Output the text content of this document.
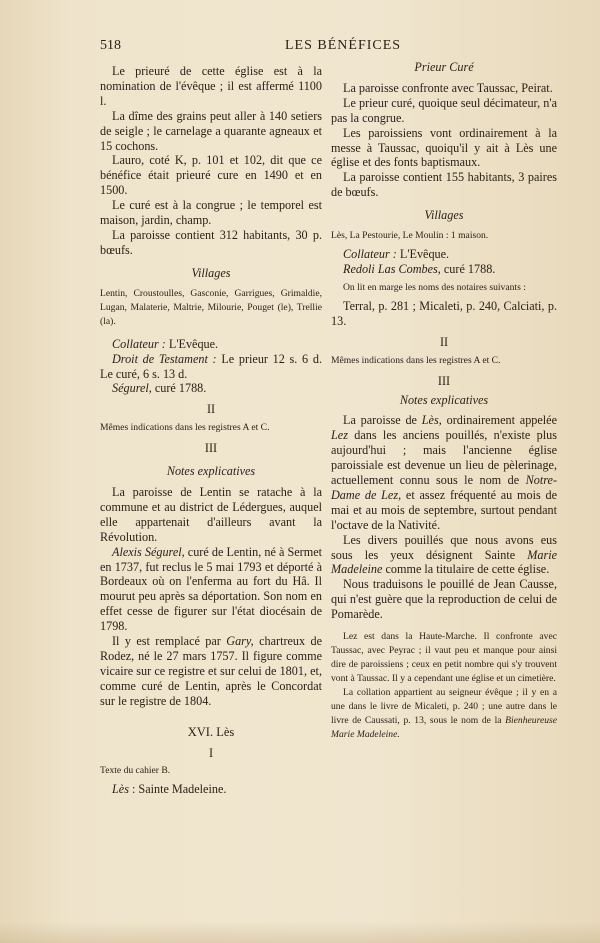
518	LES BÉNÉFICES

Le prieuré de cette église est à la nomination de l'évêque ; il est affermé 1100 l.

La dîme des grains peut aller à 140 setiers de seigle ; le carnelage a quarante agneaux et 15 cochons.

Lauro, coté K, p. 101 et 102, dit que ce bénéfice était prieuré cure en 1490 et en 1500.

Le curé est à la congrue ; le temporel est maison, jardin, champ.

La paroisse contient 312 habitants, 30 p. bœufs.

Villages

Lentin, Croustoulles, Gasconie, Garrigues, Grimaldie, Lugan, Malaterie, Maltrie, Milourie, Pouget (le), Trellie (la).

Collateur : L'Evêque.

Droit de Testament : Le prieur 12 s. 6 d. Le curé, 6 s. 13 d.

Ségurel, curé 1788.

II

Mêmes indications dans les registres A et C.

III
Notes explicatives

La paroisse de Lentin se ratache à la commune et au district de Lédergues, auquel elle appartenait d'ailleurs avant la Révolution.

Alexis Ségurel, curé de Lentin, né à Sermet en 1737, fut reclus le 5 mai 1793 et déporté à Bordeaux où on l'enferma au fort du Hâ. Il mourut peu après sa déportation. Son nom en effet cesse de figurer sur l'état diocésain de 1798.

Il y est remplacé par Gary, chartreux de Rodez, né le 27 mars 1757. Il figure comme vicaire sur ce registre et sur celui de 1801, et, comme curé de Lentin, après le Concordat sur le registre de 1804.

XVI. Lès
I

Texte du cahier B.

Lès : Sainte Madeleine.

Prieur Curé

La paroisse confronte avec Taussac, Peirat.

Le prieur curé, quoique seul décimateur, n'a pas la congrue.

Les paroissiens vont ordinairement à la messe à Taussac, quoiqu'il y ait à Lès une église et des fonts baptismaux.

La paroisse contient 155 habitants, 3 paires de bœufs.

Villages

Lès, La Pestourie, Le Moulin : 1 maison.

Collateur : L'Evêque.

Redoli Las Combes, curé 1788.

On lit en marge les noms des notaires suivants :

Terral, p. 281 ; Micaleti, p. 240, Calciati, p. 13.

II

Mêmes indications dans les registres A et C.

III
Notes explicatives

La paroisse de Lès, ordinairement appelée Lez dans les anciens pouillés, n'existe plus aujourd'hui ; mais l'ancienne église paroissiale est devenue un lieu de pèlerinage, actuellement connu sous le nom de Notre-Dame de Lez, et assez fréquenté au mois de mai et au mois de septembre, surtout pendant l'octave de la Nativité.

Les divers pouillés que nous avons eus sous les yeux désignent Sainte Marie Madeleine comme la titulaire de cette église.

Nous traduisons le pouillé de Jean Causse, qui n'est guère que la reproduction de celui de Pomarède.

Lez est dans la Haute-Marche. Il confronte avec Taussac, avec Peyrac ; il vaut peu et manque pour ainsi dire de paroissiens ; ceux en petit nombre qui s'y trouvent vont à Taussac. Il y a cependant une église et un cimetière.

La collation appartient au seigneur évêque ; il y en a une dans le livre de Micaleti, p. 240 ; une autre dans le livre de Caussati, p. 13, sous le nom de la Bienheureuse Marie Madeleine.
